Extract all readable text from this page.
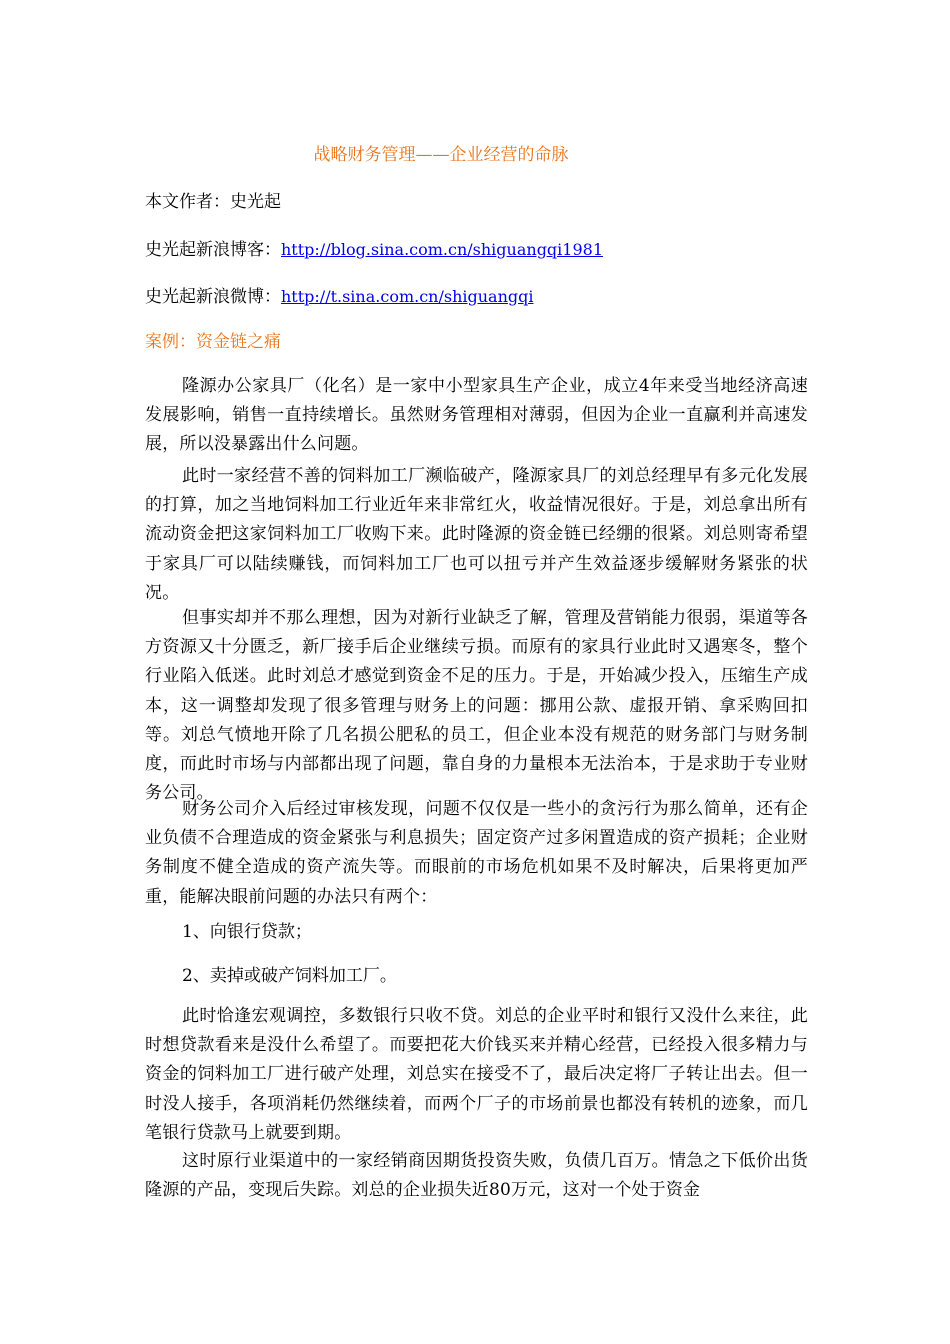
战略财务管理——企业经营的命脉
本文作者：史光起
史光起新浪博客：http://blog.sina.com.cn/shiguangqi1981
史光起新浪微博：http://t.sina.com.cn/shiguangqi
案例：资金链之痛
隆源办公家具厂（化名）是一家中小型家具生产企业，成立4年来受当地经济高速发展影响，销售一直持续增长。虽然财务管理相对薄弱，但因为企业一直赢利并高速发展，所以没暴露出什么问题。
此时一家经营不善的饲料加工厂濒临破产，隆源家具厂的刘总经理早有多元化发展的打算，加之当地饲料加工行业近年来非常红火，收益情况很好。于是，刘总拿出所有流动资金把这家饲料加工厂收购下来。此时隆源的资金链已经绷的很紧。刘总则寄希望于家具厂可以陆续赚钱，而饲料加工厂也可以扭亏并产生效益逐步缓解财务紧张的状况。
但事实却并不那么理想，因为对新行业缺乏了解，管理及营销能力很弱，渠道等各方资源又十分匮乏，新厂接手后企业继续亏损。而原有的家具行业此时又遇寒冬，整个行业陷入低迷。此时刘总才感觉到资金不足的压力。于是，开始减少投入，压缩生产成本，这一调整却发现了很多管理与财务上的问题：挪用公款、虚报开销、拿采购回扣等。刘总气愤地开除了几名损公肥私的员工，但企业本没有规范的财务部门与财务制度，而此时市场与内部都出现了问题，靠自身的力量根本无法治本，于是求助于专业财务公司。
财务公司介入后经过审核发现，问题不仅仅是一些小的贪污行为那么简单，还有企业负债不合理造成的资金紧张与利息损失；固定资产过多闲置造成的资产损耗；企业财务制度不健全造成的资产流失等。而眼前的市场危机如果不及时解决，后果将更加严重，能解决眼前问题的办法只有两个：
1、向银行贷款；
2、卖掉或破产饲料加工厂。
此时恰逢宏观调控，多数银行只收不贷。刘总的企业平时和银行又没什么来往，此时想贷款看来是没什么希望了。而要把花大价钱买来并精心经营，已经投入很多精力与资金的饲料加工厂进行破产处理，刘总实在接受不了，最后决定将厂子转让出去。但一时没人接手，各项消耗仍然继续着，而两个厂子的市场前景也都没有转机的迹象，而几笔银行贷款马上就要到期。
这时原行业渠道中的一家经销商因期货投资失败，负债几百万。情急之下低价出货隆源的产品，变现后失踪。刘总的企业损失近80万元，这对一个处于资金
